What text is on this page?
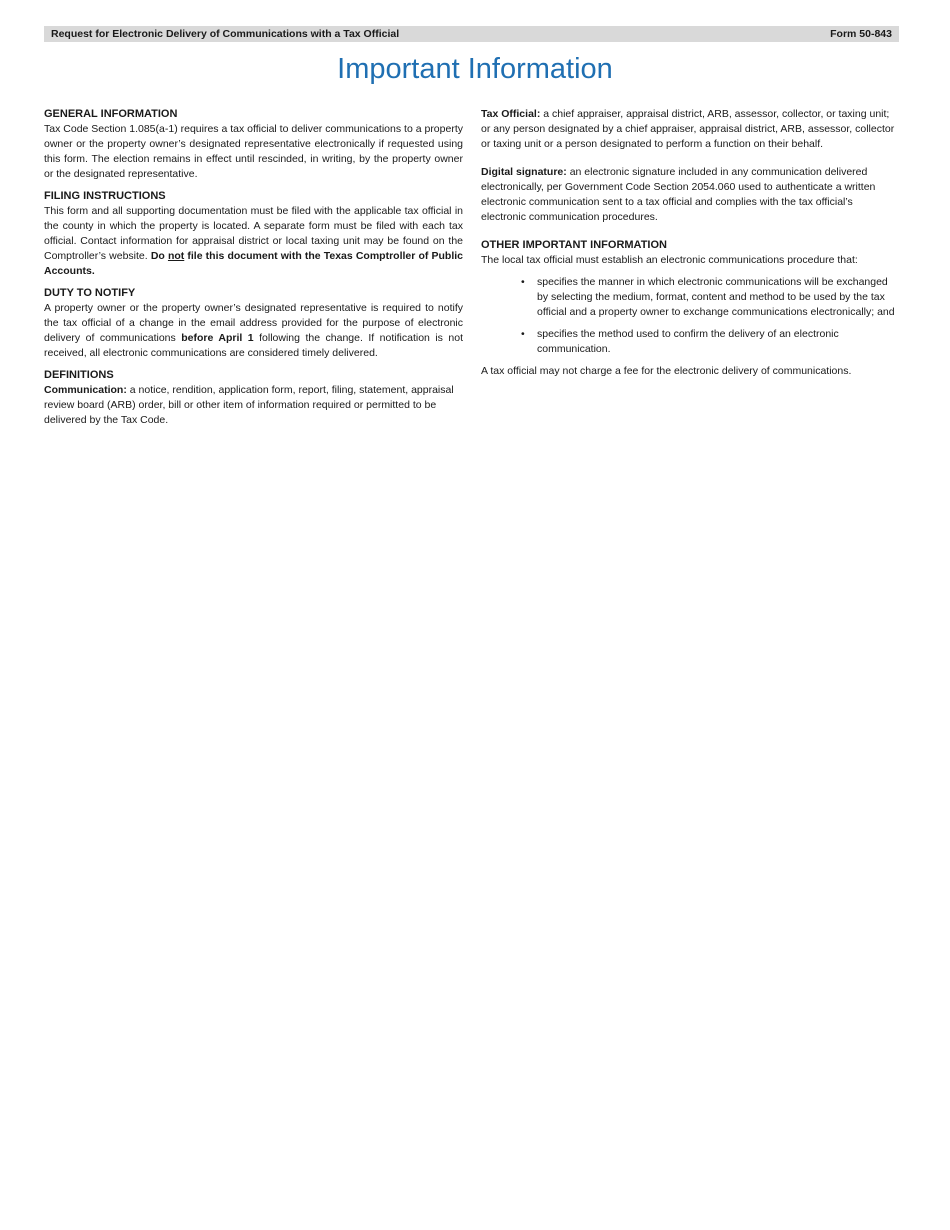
Request for Electronic Delivery of Communications with a Tax Official	Form 50-843
Important Information

GENERAL INFORMATION

Tax Code Section 1.085(a-1) requires a tax official to deliver communications to a property owner or the property owner’s designated representative electronically if requested using this form. The election remains in effect until rescinded, in writing, by the property owner or the designated representative.

FILING INSTRUCTIONS

This form and all supporting documentation must be filed with the applicable tax official in the county in which the property is located. A separate form must be filed with each tax official. Contact information for appraisal district or local taxing unit may be found on the Comptroller’s website. Do not file this document with the Texas Comptroller of Public Accounts.

DUTY TO NOTIFY

A property owner or the property owner’s designated representative is required to notify the tax official of a change in the email address provided for the purpose of electronic delivery of communications before April 1 following the change. If notification is not received, all electronic communications are considered timely delivered.

DEFINITIONS

Communication: a notice, rendition, application form, report, filing, statement, appraisal review board (ARB) order, bill or other item of information required or permitted to be delivered by the Tax Code.

Tax Official: a chief appraiser, appraisal district, ARB, assessor, collector, or taxing unit; or any person designated by a chief appraiser, appraisal district, ARB, assessor, collector or taxing unit or a person designated to perform a function on their behalf.

Digital signature: an electronic signature included in any communication delivered electronically, per Government Code Section 2054.060 used to authenticate a written electronic communication sent to a tax official and complies with the tax official’s electronic communication procedures.

OTHER IMPORTANT INFORMATION

The local tax official must establish an electronic communications procedure that:

• specifies the manner in which electronic communications will be exchanged by selecting the medium, format, content and method to be used by the tax official and a property owner to exchange communications electronically; and
• specifies the method used to confirm the delivery of an electronic communication.

A tax official may not charge a fee for the electronic delivery of communications.
